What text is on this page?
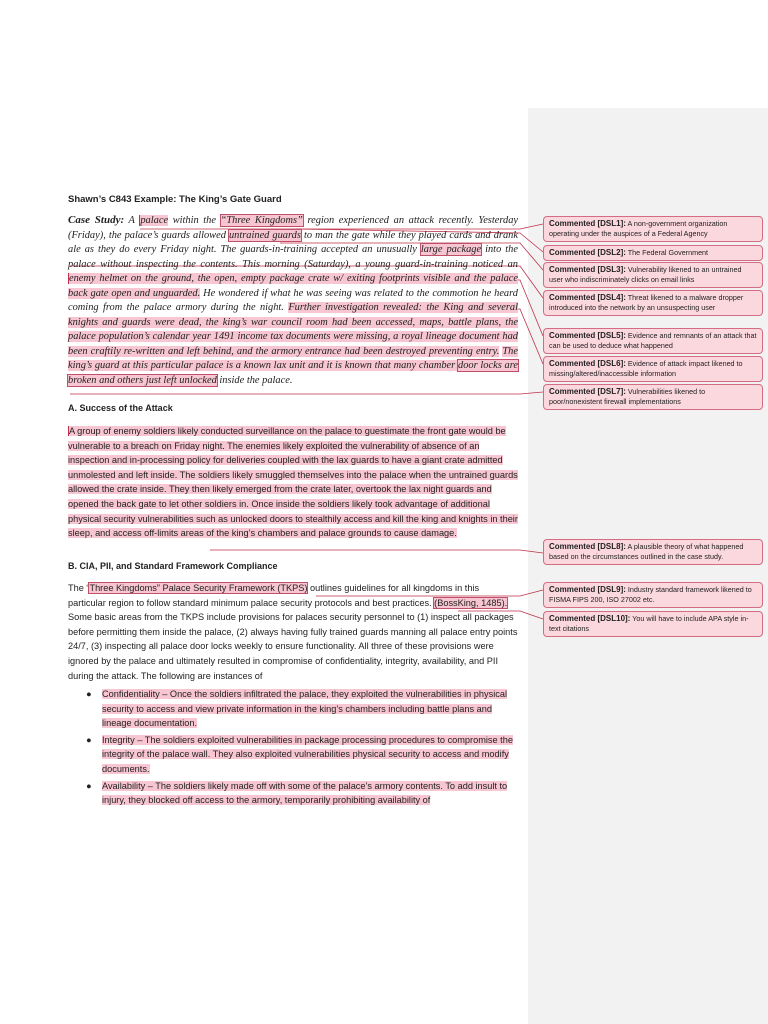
Shawn’s C843 Example: The King’s Gate Guard

Case Study: A palace within the “Three Kingdoms” region experienced an attack recently. Yesterday (Friday), the palace’s guards allowed untrained guards to man the gate while they played cards and drank ale as they do every Friday night. The guards-in-training accepted an unusually large package into the palace without inspecting the contents. This morning (Saturday), a young guard-in-training noticed an enemy helmet on the ground, the open, empty package crate w/ exiting footprints visible and the palace back gate open and unguarded. He wondered if what he was seeing was related to the commotion he heard coming from the palace armory during the night. Further investigation revealed: the King and several knights and guards were dead, the king’s war council room had been accessed, maps, battle plans, the palace population’s calendar year 1491 income tax documents were missing, a royal lineage document had been craftily re-written and left behind, and the armory entrance had been destroyed preventing entry. The king’s guard at this particular palace is a known lax unit and it is known that many chamber door locks are broken and others just left unlocked inside the palace.

A. Success of the Attack

A group of enemy soldiers likely conducted surveillance on the palace to guestimate the front gate would be vulnerable to a breach on Friday night. The enemies likely exploited the vulnerability of absence of an inspection and in-processing policy for deliveries coupled with the lax guards to have a giant crate admitted unmolested and left inside. The soldiers likely smuggled themselves into the palace when the untrained guards allowed the crate inside. They then likely emerged from the crate later, overtook the lax night guards and opened the back gate to let other soldiers in. Once inside the soldiers likely took advantage of additional physical security vulnerabilities such as unlocked doors to stealthily access and kill the king and knights in their sleep, and access off-limits areas of the king’s chambers and palace grounds to cause damage.

B. CIA, PII, and Standard Framework Compliance

The “Three Kingdoms” Palace Security Framework (TKPS) outlines guidelines for all kingdoms in this particular region to follow standard minimum palace security protocols and best practices. (BossKing, 1485). Some basic areas from the TKPS include provisions for palaces security personnel to (1) inspect all packages before permitting them inside the palace, (2) always having fully trained guards manning all palace entry points 24/7, (3) inspecting all palace door locks weekly to ensure functionality. All three of these provisions were ignored by the palace and ultimately resulted in compromise of confidentiality, integrity, availability, and PII during the attack. The following are instances of

● Confidentiality – Once the soldiers infiltrated the palace, they exploited the vulnerabilities in physical security to access and view private information in the king’s chambers including battle plans and lineage documentation.
● Integrity – The soldiers exploited vulnerabilities in package processing procedures to compromise the integrity of the palace wall. They also exploited vulnerabilities physical security to access and modify documents.
● Availability – The soldiers likely made off with some of the palace’s armory contents. To add insult to injury, they blocked off access to the armory, temporarily prohibiting availability of
Commented [DSL1]: A non-government organization operating under the auspices of a Federal Agency
Commented [DSL2]: The Federal Government
Commented [DSL3]: Vulnerability likened to an untrained user who indiscriminately clicks on email links
Commented [DSL4]: Threat likened to a malware dropper introduced into the network by an unsuspecting user
Commented [DSL5]: Evidence and remnants of an attack that can be used to deduce what happened
Commented [DSL6]: Evidence of attack impact likened to missing/altered/inaccessible information
Commented [DSL7]: Vulnerabilities likened to poor/nonexistent firewall implementations
Commented [DSL8]: A plausible theory of what happened based on the circumstances outlined in the case study.
Commented [DSL9]: Industry standard framework likened to FISMA FIPS 200, ISO 27002 etc.
Commented [DSL10]: You will have to include APA style in-text citations
